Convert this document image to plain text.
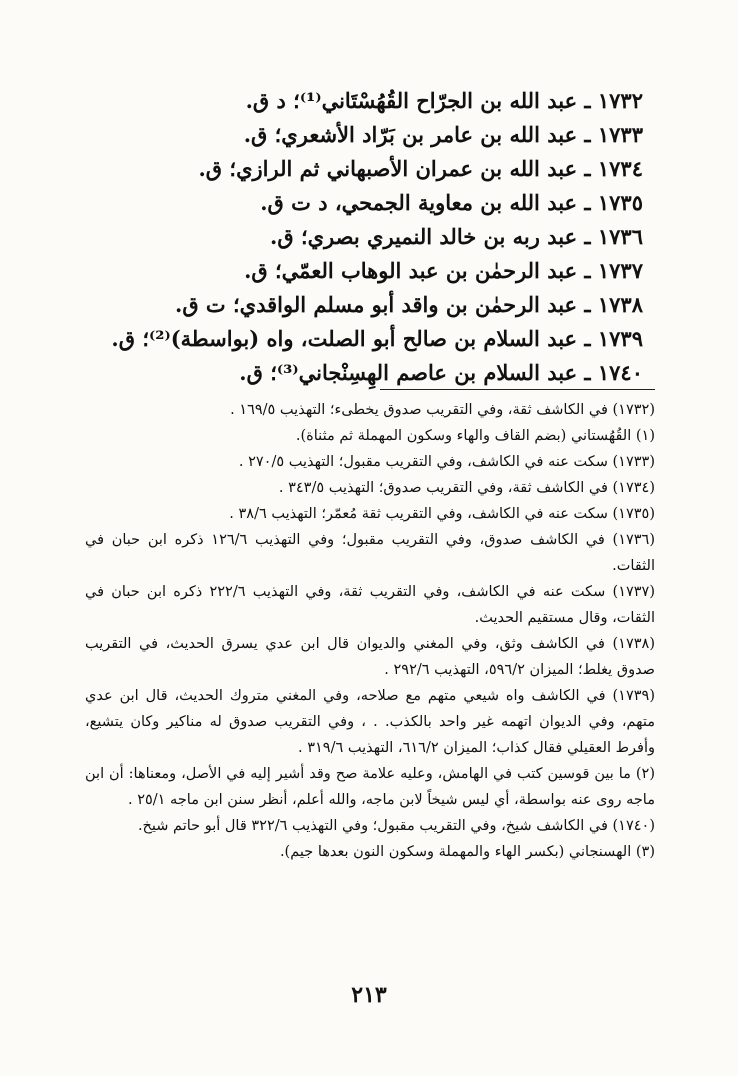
١٧٣٢ ـ عبد الله بن الجرّاح القُهُسْتَاني⁽¹⁾؛ د ق.
١٧٣٣ ـ عبد الله بن عامر بن بَرّاد الأشعري؛ ق.
١٧٣٤ ـ عبد الله بن عمران الأصبهاني ثم الرازي؛ ق.
١٧٣٥ ـ عبد الله بن معاوية الجمحي، د ت ق.
١٧٣٦ ـ عبد ربه بن خالد النميري بصري؛ ق.
١٧٣٧ ـ عبد الرحمٰن بن عبد الوهاب العمّي؛ ق.
١٧٣٨ ـ عبد الرحمٰن بن واقد أبو مسلم الواقدي؛ ت ق.
١٧٣٩ ـ عبد السلام بن صالح أبو الصلت، واه (بواسطة)⁽²⁾؛ ق.
١٧٤٠ ـ عبد السلام بن عاصم الهِسِنْجاني⁽³⁾؛ ق.
(١٧٣٢) في الكاشف ثقة، وفي التقريب صدوق يخطىء؛ التهذيب ١٦٩/٥ .
(١) القُهُستاني (بضم القاف والهاء وسكون المهملة ثم مثناة).
(١٧٣٣) سكت عنه في الكاشف، وفي التقريب مقبول؛ التهذيب ٢٧٠/٥ .
(١٧٣٤) في الكاشف ثقة، وفي التقريب صدوق؛ التهذيب ٣٤٣/٥ .
(١٧٣٥) سكت عنه في الكاشف، وفي التقريب ثقة مُعمّر؛ التهذيب ٣٨/٦ .
(١٧٣٦) في الكاشف صدوق، وفي التقريب مقبول؛ وفي التهذيب ١٢٦/٦ ذكره ابن حبان في الثقات.
(١٧٣٧) سكت عنه في الكاشف، وفي التقريب ثقة، وفي التهذيب ٢٢٢/٦ ذكره ابن حبان في الثقات، وقال مستقيم الحديث.
(١٧٣٨) في الكاشف وثق، وفي المغني والديوان قال ابن عدي يسرق الحديث، في التقريب صدوق يغلط؛ الميزان ٥٩٦/٢، التهذيب ٢٩٢/٦ .
(١٧٣٩) في الكاشف واه شيعي متهم مع صلاحه، وفي المغني متروك الحديث، قال ابن عدي متهم، وفي الديوان اتهمه غير واحد بالكذب. . ، وفي التقريب صدوق له مناكير وكان يتشيع، وأفرط العقيلي فقال كذاب؛ الميزان ٦١٦/٢، التهذيب ٣١٩/٦ .
(٢) ما بين قوسين كتب في الهامش، وعليه علامة صح وقد أشير إليه في الأصل، ومعناها: أن ابن ماجه روى عنه بواسطة، أي ليس شيخاً لابن ماجه، والله أعلم، أنظر سنن ابن ماجه ٢٥/١ .
(١٧٤٠) في الكاشف شيخ، وفي التقريب مقبول؛ وفي التهذيب ٣٢٢/٦ قال أبو حاتم شيخ.
(٣) الهسنجاني (بكسر الهاء والمهملة وسكون النون بعدها جيم).
٢١٣
